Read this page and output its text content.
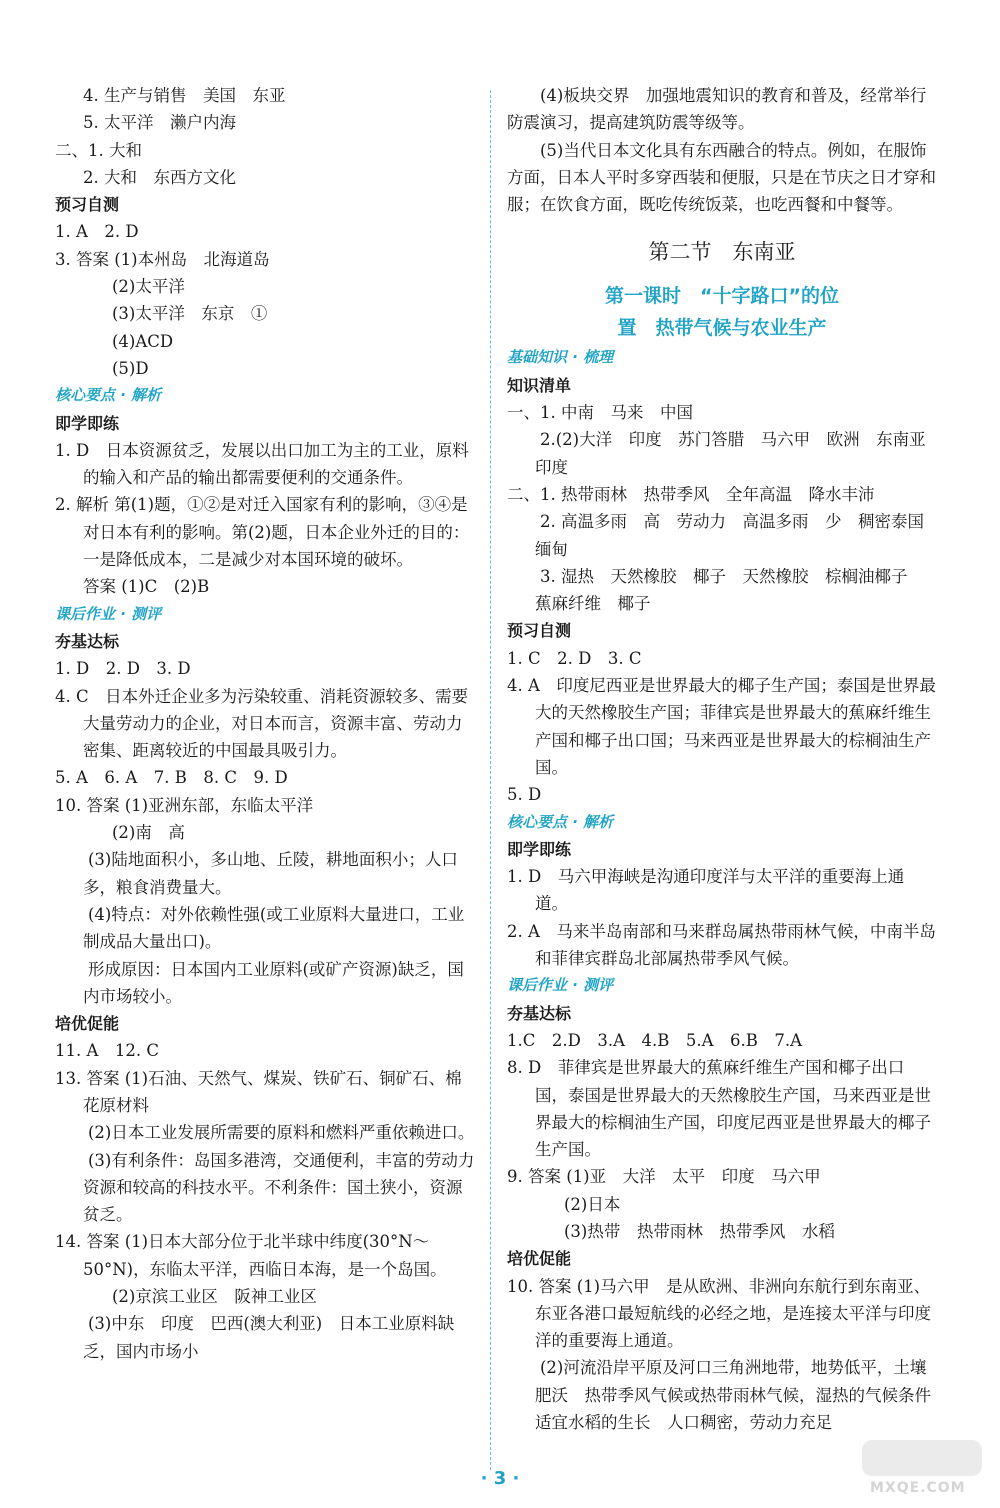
4. 生产与销售　美国　东亚
5. 太平洋　濑户内海
二、1. 大和
2. 大和　东西方文化
预习自测
1. A　2. D
3. 答案 (1)本州岛　北海道岛
(2)太平洋
(3)太平洋　东京　①
(4)ACD
(5)D
核心要点 · 解析
即学即练
1. D　日本资源贫乏，发展以出口加工为主的工业，原料的输入和产品的输出都需要便利的交通条件。
2. 解析 第(1)题，①②是对迁入国家有利的影响，③④是对日本有利的影响。第(2)题，日本企业外迁的目的：一是降低成本，二是减少对本国环境的破坏。
答案 (1)C　(2)B
课后作业 · 测评
夯基达标
1. D　2. D　3. D
4. C　日本外迁企业多为污染较重、消耗资源较多、需要大量劳动力的企业，对日本而言，资源丰富、劳动力密集、距离较近的中国最具吸引力。
5. A　6. A　7. B　8. C　9. D
10. 答案 (1)亚洲东部，东临太平洋
(2)南　高
　　(3)陆地面积小，多山地、丘陵，耕地面积小；人口多，粮食消费量大。
　　(4)特点：对外依赖性强(或工业原料大量进口，工业制成品大量出口)。
　　形成原因：日本国内工业原料(或矿产资源)缺乏，国内市场较小。
培优促能
11. A　12. C
13. 答案 (1)石油、天然气、煤炭、铁矿石、铜矿石、棉花原材料
　　(2)日本工业发展所需要的原料和燃料严重依赖进口。
　　(3)有利条件：岛国多港湾，交通便利，丰富的劳动力资源和较高的科技水平。不利条件：国土狭小，资源贫乏。
14. 答案 (1)日本大部分位于北半球中纬度(30°N～50°N)，东临太平洋，西临日本海，是一个岛国。
(2)京滨工业区　阪神工业区
　　(3)中东　印度　巴西(澳大利亚)　日本工业原料缺乏，国内市场小
(4)板块交界　加强地震知识的教育和普及，经常举行防震演习，提高建筑防震等级等。
(5)当代日本文化具有东西融合的特点。例如，在服饰方面，日本人平时多穿西装和便服，只是在节庆之日才穿和服；在饮食方面，既吃传统饭菜，也吃西餐和中餐等。
第二节　东南亚
第一课时　“十字路口”的位
置　热带气候与农业生产
基础知识 · 梳理
知识清单
一、1. 中南　马来　中国
　　2.(2)大洋　印度　苏门答腊　马六甲　欧洲　东南亚　印度
二、1. 热带雨林　热带季风　全年高温　降水丰沛
　　2. 高温多雨　高　劳动力　高温多雨　少　稠密泰国　缅甸
　　3. 湿热　天然橡胶　椰子　天然橡胶　棕榈油椰子　蕉麻纤维　椰子
预习自测
1. C　2. D　3. C
4. A　印度尼西亚是世界最大的椰子生产国；泰国是世界最大的天然橡胶生产国；菲律宾是世界最大的蕉麻纤维生产国和椰子出口国；马来西亚是世界最大的棕榈油生产国。
5. D
核心要点 · 解析
即学即练
1. D　马六甲海峡是沟通印度洋与太平洋的重要海上通道。
2. A　马来半岛南部和马来群岛属热带雨林气候，中南半岛和菲律宾群岛北部属热带季风气候。
课后作业 · 测评
夯基达标
1.C　2.D　3.A　4.B　5.A　6.B　7.A
8. D　菲律宾是世界最大的蕉麻纤维生产国和椰子出口国，泰国是世界最大的天然橡胶生产国，马来西亚是世界最大的棕榈油生产国，印度尼西亚是世界最大的椰子生产国。
9. 答案 (1)亚　大洋　太平　印度　马六甲
(2)日本
(3)热带　热带雨林　热带季风　水稻
培优促能
10. 答案 (1)马六甲　是从欧洲、非洲向东航行到东南亚、东亚各港口最短航线的必经之地，是连接太平洋与印度洋的重要海上通道。
　　(2)河流沿岸平原及河口三角洲地带，地势低平，土壤肥沃　热带季风气候或热带雨林气候，湿热的气候条件适宜水稻的生长　人口稠密，劳动力充足
· 3 ·	MXQE.COM
